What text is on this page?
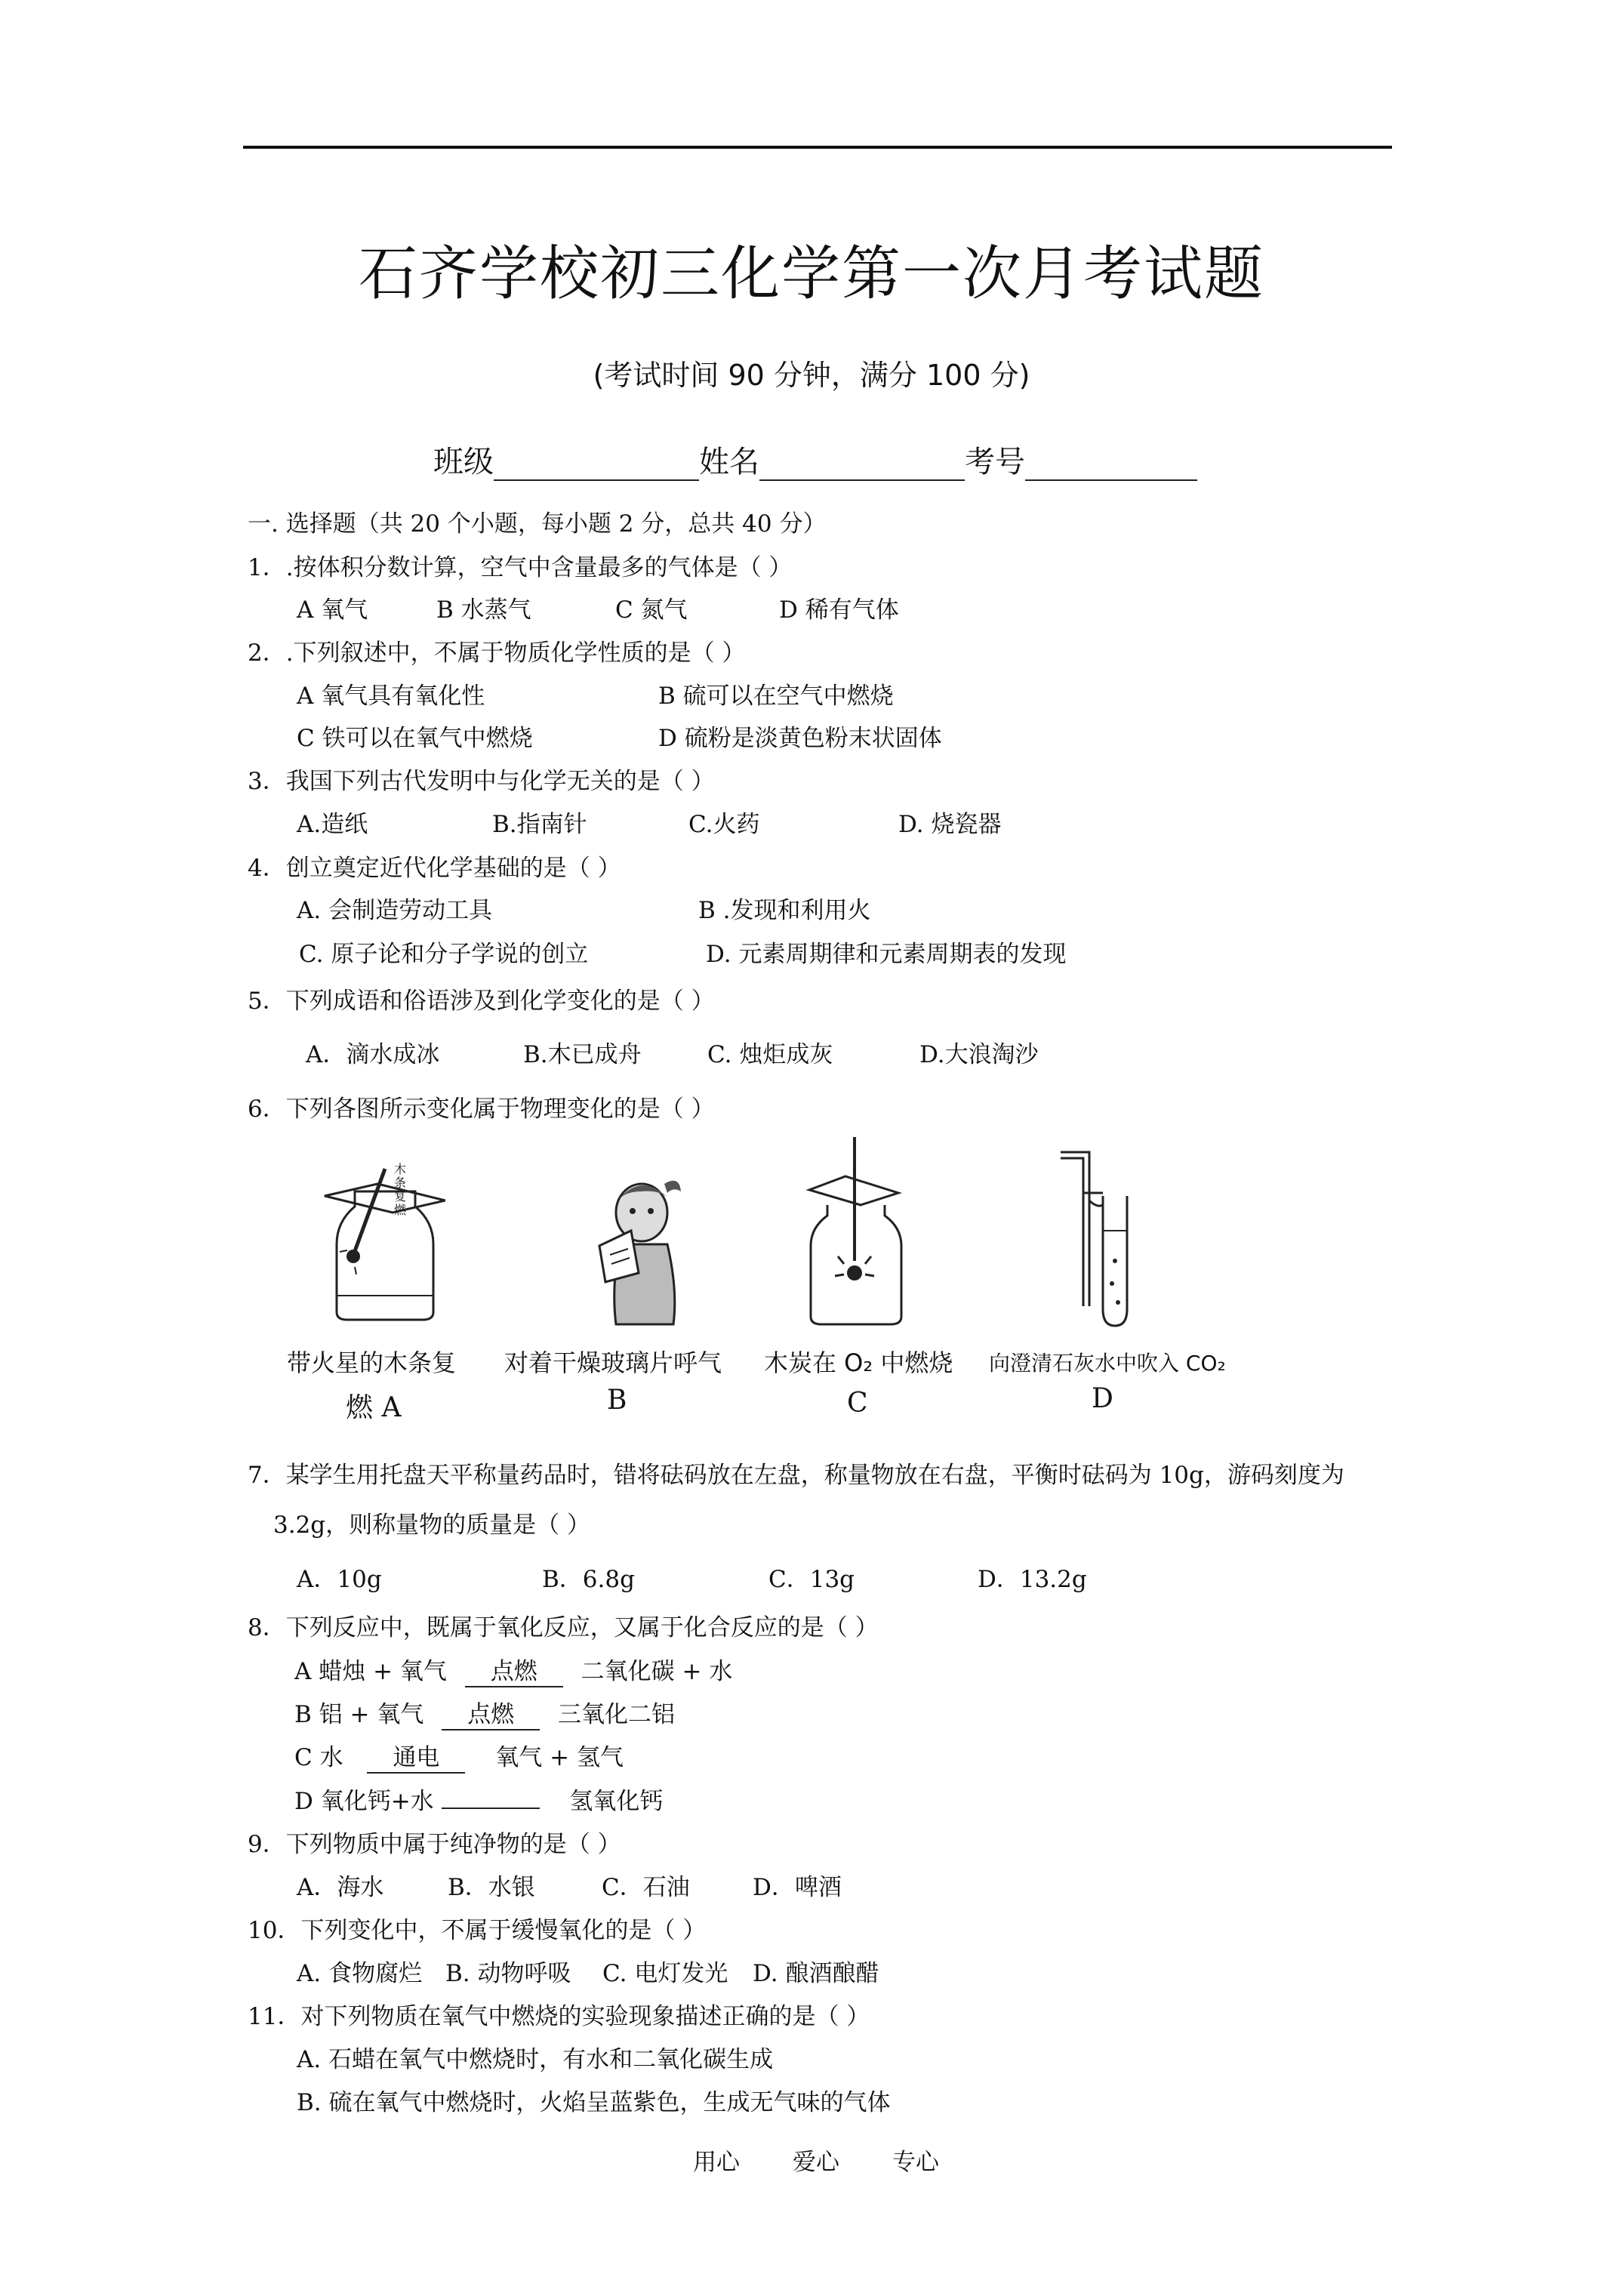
石齐学校初三化学第一次月考试题
(考试时间 90 分钟，满分 100 分)
班级	姓名	考号
一. 选择题（共 20 个小题，每小题 2 分，总共 40 分）
1．.按体积分数计算，空气中含量最多的气体是（ ）
A 氧气	B 水蒸气	C 氮气	D 稀有气体
2．.下列叙述中，不属于物质化学性质的是（ ）
A 氧气具有氧化性	B 硫可以在空气中燃烧
C 铁可以在氧气中燃烧	D 硫粉是淡黄色粉末状固体
3．我国下列古代发明中与化学无关的是（ ）
A.造纸	B.指南针	C.火药	D. 烧瓷器
4．创立奠定近代化学基础的是（ ）
A. 会制造劳动工具	B .发现和利用火
C. 原子论和分子学说的创立	D. 元素周期律和元素周期表的发现
5．下列成语和俗语涉及到化学变化的是（ ）
A．滴水成冰	B.木已成舟	C. 烛炬成灰	D.大浪淘沙
6．下列各图所示变化属于物理变化的是（ ）
木条复燃
带火星的木条复
燃 A
对着干燥玻璃片呼气
B
木炭在 O₂ 中燃烧
C
向澄清石灰水中吹入 CO₂
D
7．某学生用托盘天平称量药品时，错将砝码放在左盘，称量物放在右盘，平衡时砝码为 10g，游码刻度为
3.2g，则称量物的质量是（ ）
A．10g	B．6.8g	C．13g	D．13.2g
8．下列反应中，既属于氧化反应，又属于化合反应的是（ ）
A 蜡烛 + 氧气 点燃 二氧化碳 + 水
B 铝 + 氧气 点燃 三氧化二铝
C 水 通电 氧气 + 氢气
D 氧化钙+水	氢氧化钙
9．下列物质中属于纯净物的是（ ）
A．海水	B．水银	C．石油	D．啤酒
10．下列变化中，不属于缓慢氧化的是（ ）
A. 食物腐烂 B. 动物呼吸 C. 电灯发光 D. 酿酒酿醋
11．对下列物质在氧气中燃烧的实验现象描述正确的是（ ）
A. 石蜡在氧气中燃烧时，有水和二氧化碳生成
B. 硫在氧气中燃烧时，火焰呈蓝紫色，生成无气味的气体
用心 爱心 专心
